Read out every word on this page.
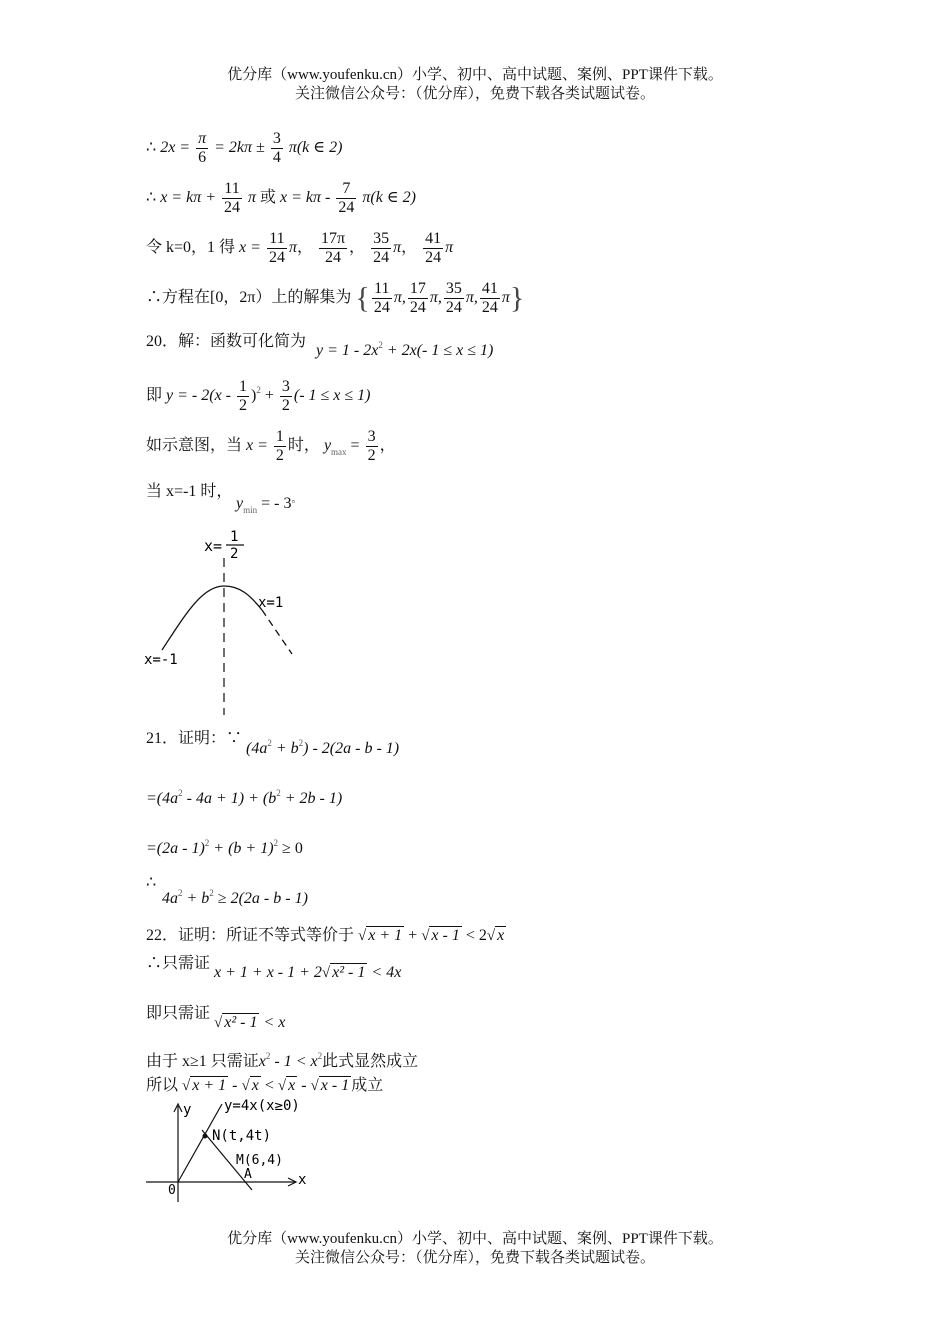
优分库（www.youfenku.cn）小学、初中、高中试题、案例、PPT课件下载。
关注微信公众号：（优分库），免费下载各类试题试卷。
∴ $2x = \frac{\pi}{6} = 2k\pi \pm \frac{3}{4} \pi(k$ ∈ 2)
∴ $x = k\pi + \frac{11}{24}$ π 或 $x = k\pi - \frac{7}{24} \pi(k$ ∈ 2)
令 k=0，1 得 $x = \frac{11}{24}$ π， $\frac{17\pi}{24}$ ， $\frac{35}{24}$ π， $\frac{41}{24}$ π
∴方程在[0，2π）上的解集为 { $\frac{11}{24} \pi$, $\frac{17}{24} \pi$, $\frac{35}{24} \pi$, $\frac{41}{24} \pi$}
20．解：函数可化简为
$y = 1 - 2x^2 + 2x(-$ 1 ≤ x ≤ 1)
即 y = - $2(x - \frac{1}{2} )^2 + \frac{3}{2}$ (- 1 ≤ x ≤ 1)
如示意图，当 $x = \frac{1}{2}$ 时， $y_{max} = \frac{3}{2}$ ，
当 x=-1 时，
$y_{min}$ = - 3。
x= 1
2
x=1
x=-1
21．证明：∵
$(4a^2 + b^2) - 2(2a - b - 1)$
$=(4a^2 - 4a + 1) + (b^2 + 2b - 1)$
$=(2a - 1)^2 + (b + 1)^2 \ge 0$
∴
$4a^2 + b^2 \ge 2(2a - b - 1)$
22．证明：所证不等式等价于 √ x + 1 + √ x - 1 < 2√ x
∴只需证
x + 1 + x - 1 + 2√ x² - 1 < 4x
即只需证
√ x² - 1 < x
由于 x≥1 只需证$x^2 - 1 < x^2$此式显然成立
所以 √ x + 1 - √ x < √ x - √ x - 1 成立
y
x
0
y=4x(x≥0)
N(t,4t)
M(6,4)
A
优分库（www.youfenku.cn）小学、初中、高中试题、案例、PPT课件下载。
关注微信公众号：（优分库），免费下载各类试题试卷。
